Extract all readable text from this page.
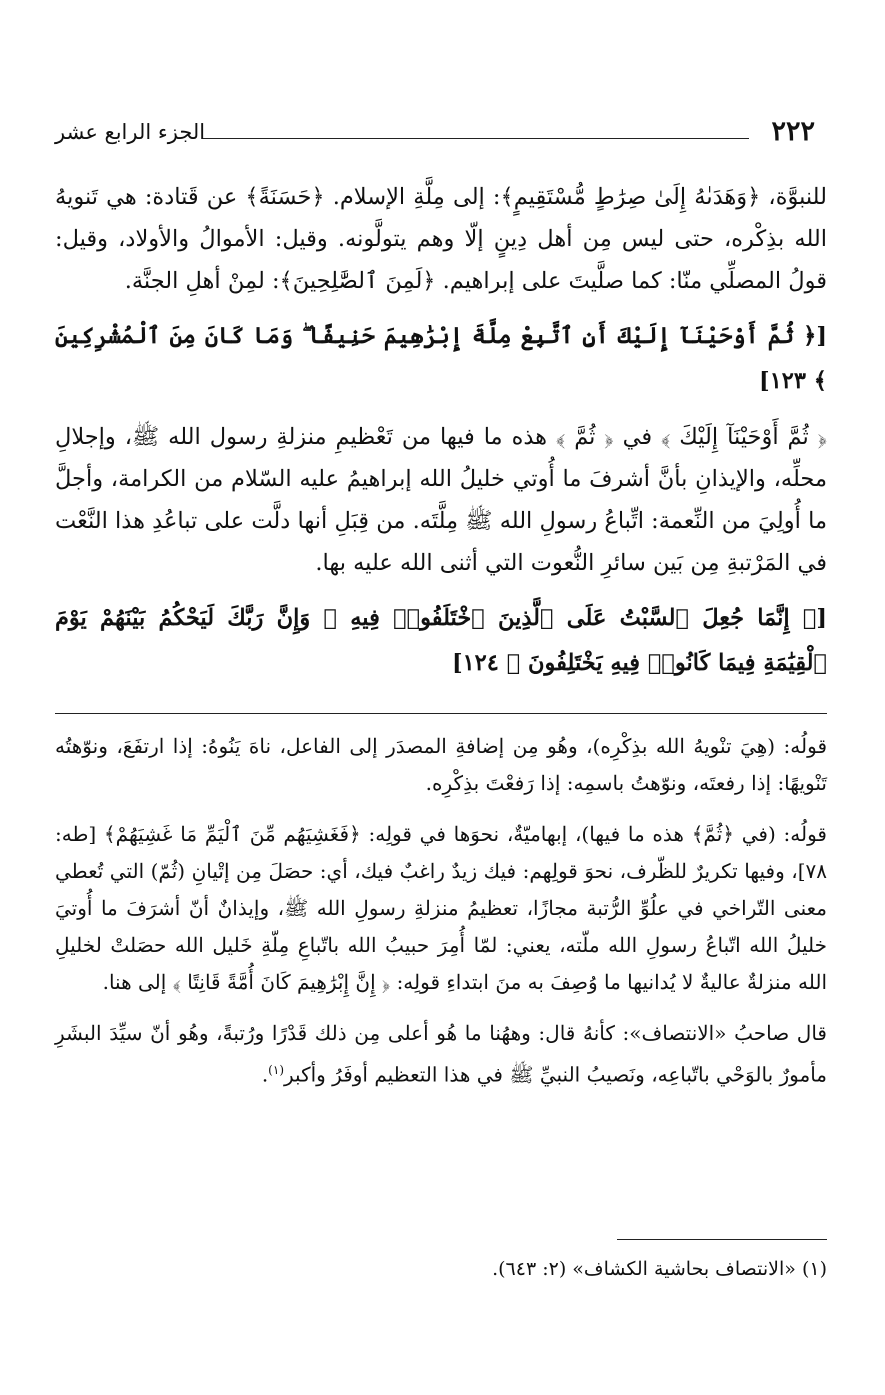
٢٢٢
الجزء الرابع عشر

للنبوَّة، ﴿وَهَدَىٰهُ إِلَىٰ صِرَٰطٍ مُّسْتَقِيمٍ﴾: إلى مِلَّةِ الإسلام. ﴿حَسَنَةً﴾ عن قَتادة: هي تَنويهُ الله بذِكْره، حتى ليس مِن أهل دِينٍ إلّا وهم يتولَّونه. وقيل: الأموالُ والأولاد، وقيل: قولُ المصلِّي منّا: كما صلَّيتَ على إبراهيم. ﴿لَمِنَ ٱلصَّٰلِحِينَ﴾: لمِنْ أهلِ الجنَّة.

[﴿ ثُمَّ أَوْحَيْنَآ إِلَيْكَ أَنِ ٱتَّبِعْ مِلَّةَ إِبْرَٰهِيمَ حَنِيفًا ۖ وَمَا كَانَ مِنَ ٱلْمُشْرِكِينَ ﴾ ١٢٣]

﴿ ثُمَّ أَوْحَيْنَآ إِلَيْكَ ﴾ في ﴿ ثُمَّ ﴾ هذه ما فيها من تَعْظيمِ منزلةِ رسول الله ﷺ، وإجلالِ محلِّه، والإيذانِ بأنَّ أشرفَ ما أُوتي خليلُ الله إبراهيمُ عليه السّلام من الكرامة، وأجلَّ ما أُولِيَ من النِّعمة: اتِّباعُ رسولِ الله ﷺ مِلَّتَه. من قِبَلِ أنها دلَّت على تباعُدِ هذا النَّعْت في المَرْتبةِ مِن بَين سائرِ النُّعوت التي أثنى الله عليه بها.

[﴿ إِنَّمَا جُعِلَ ٱلسَّبْتُ عَلَى ٱلَّذِينَ ٱخْتَلَفُوا۟ فِيهِ ۚ وَإِنَّ رَبَّكَ لَيَحْكُمُ بَيْنَهُمْ يَوْمَ ٱلْقِيَٰمَةِ فِيمَا كَانُوا۟ فِيهِ يَخْتَلِفُونَ ﴾ ١٢٤]

قولُه: (هِيَ تنْويهُ الله بذِكْرِه)، وهُو مِن إضافةِ المصدَر إلى الفاعل، ناهَ يَنُوهُ: إذا ارتفَعَ، ونوّهتُه تَنْويهًا: إذا رفعتَه، ونوّهتُ باسمِه: إذا رَفعْتَ بذِكْرِه.

قولُه: (في ﴿ثُمَّ﴾ هذه ما فيها)، إبهاميّةٌ، نحوَها في قولِه: ﴿فَغَشِيَهُم مِّنَ ٱلْيَمِّ مَا غَشِيَهُمْ﴾ [طه: ٧٨]، وفيها تكريرٌ للظّرف، نحوَ قولِهم: فيك زيدٌ راغبٌ فيك، أي: حصَلَ مِن إتْيانِ (ثُمّ) التي تُعطي معنى التّراخي في علُوِّ الرُّتبة مجازًا، تعظيمُ منزلةِ رسولِ الله ﷺ، وإيذانٌ أنّ أشرَفَ ما أُوتيَ خليلُ الله اتّباعُ رسولِ الله ملّته، يعني: لمّا أُمِرَ حبيبُ الله باتّباعِ مِلّةِ خَليل الله حصَلتْ لخليلِ الله منزلةٌ عاليةٌ لا يُدانيها ما وُصِفَ به منَ ابتداءِ قولِه: ﴿ إِنَّ إِبْرَٰهِيمَ كَانَ أُمَّةً قَانِتًا ﴾ إلى هنا.

قال صاحبُ «الانتصاف»: كأنهُ قال: وههُنا ما هُو أعلى مِن ذلك قَدْرًا ورُتبةً، وهُو أنّ سيِّدَ البشَرِ مأمورٌ بالوَحْي باتّباعِه، ونَصيبُ النبيِّ ﷺ في هذا التعظيم أوفَرُ وأكبر$^{(١)}$.

(١) «الانتصاف بحاشية الكشاف» (٢: ٦٤٣).
